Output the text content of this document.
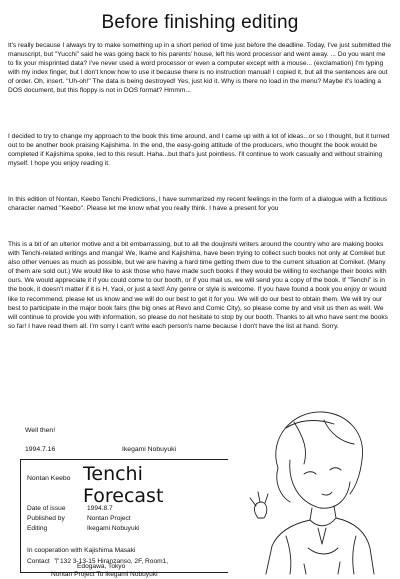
Before finishing editing

It's really because I always try to make something up in a short period of time just before the deadline. Today, I've just submitted the manuscript, but "Yucchi" said he was going back to his parents' house, left his word processor and went away. ... Do you want me to fix your misprinted data? I've never used a word processor or even a computer except with a mouse... (exclamation) I'm typing with my index finger, but I don't know how to use it because there is no instruction manual! I copied it, but all the sentences are out of order. Oh, insert. "Uh-oh!" The data is being destroyed! Yes, just kid it. Why is there no load in the menu? Maybe it's loading a DOS document, but this floppy is not in DOS format? Hmmm...

I decided to try to change my approach to the book this time around, and I came up with a lot of ideas...or so I thought, but it turned out to be another book praising Kajishima. In the end, the easy-going attitude of the producers, who thought the book would be completed if Kajishima spoke, led to this result. Haha...but that's just pointless. I'll continue to work casually and without straining myself. I hope you enjoy reading it.

In this edition of Nontan, Keebo Tenchi Predictions, I have summarized my recent feelings in the form of a dialogue with a fictitious character named "Keebo". Please let me know what you really think. I have a present for you

This is a bit of an ulterior motive and a bit embarrassing, but to all the doujinshi writers around the country who are making books with Tenchi-related writings and manga! We, Ikame and Kajishima, have been trying to collect such books not only at Comiket but also other venues as much as possible, but we are having a hard time getting them due to the current situation at Comiket. (Many of them are sold out.) We would like to ask those who have made such books if they would be willing to exchange their books with ours. We would appreciate it if you could come to our booth, or if you mail us, we will send you a copy of the book. If "Tenchi" is in the book, it doesn't matter if it is H, Yaoi, or just a text! Any genre or style is welcome. If you have found a book you enjoy or would like to recommend, please let us know and we will do our best to get it for you. We will do our best to obtain them. We will try our best to participate in the major book fairs (the big ones at Revo and Comic City), so please come by and visit us then as well. We will continue to provide you with information, so please do not hesitate to stop by our booth. Thanks to all who have sent me books so far! I have read them all. I'm sorry I can't write each person's name because I don't have the list at hand. Sorry.

Well then!
1994.7.16	Ikegami Nobuyuki
Nontan Keebo Tenchi Forecast
Date of issue	1994.8.7
Published by	Nontan Project
Editing	Ikegami Nobuyuki
In cooperation with Kajishima Masaki
Contact 〒132 3-13-15 Hiranzanso, 2F, Room1,
Edogawa, Tokyo
Nontan Project To Ikegami Nobuyuki
